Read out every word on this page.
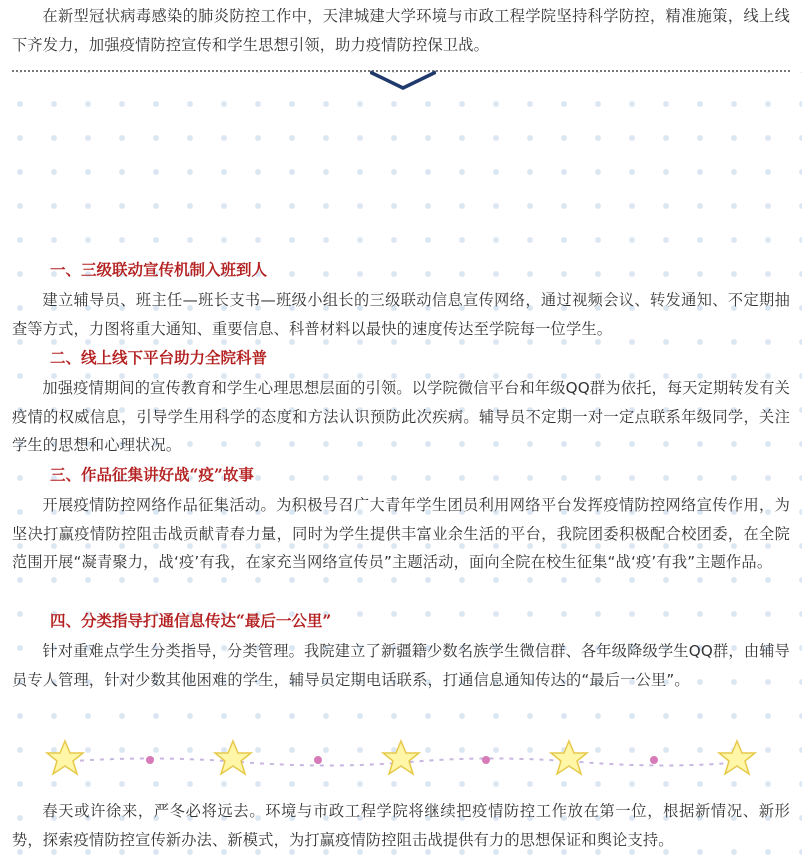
在新型冠状病毒感染的肺炎防控工作中，天津城建大学环境与市政工程学院坚持科学防控，精准施策，线上线下齐发力，加强疫情防控宣传和学生思想引领，助力疫情防控保卫战。

一、三级联动宣传机制入班到人

建立辅导员、班主任—班长支书—班级小组长的三级联动信息宣传网络，通过视频会议、转发通知、不定期抽查等方式，力图将重大通知、重要信息、科普材料以最快的速度传达至学院每一位学生。

二、线上线下平台助力全院科普

加强疫情期间的宣传教育和学生心理思想层面的引领。以学院微信平台和年级QQ群为依托，每天定期转发有关疫情的权威信息，引导学生用科学的态度和方法认识预防此次疾病。辅导员不定期一对一定点联系年级同学，关注学生的思想和心理状况。

三、作品征集讲好战“疫”故事

开展疫情防控网络作品征集活动。为积极号召广大青年学生团员利用网络平台发挥疫情防控网络宣传作用，为坚决打赢疫情防控阻击战贡献青春力量，同时为学生提供丰富业余生活的平台，我院团委积极配合校团委，在全院范围开展“凝青聚力，战‘疫’有我，在家充当网络宣传员”主题活动，面向全院在校生征集“战‘疫’有我”主题作品。

四、分类指导打通信息传达“最后一公里”

针对重难点学生分类指导，分类管理。我院建立了新疆籍少数名族学生微信群、各年级降级学生QQ群，由辅导员专人管理，针对少数其他困难的学生，辅导员定期电话联系，打通信息通知传达的“最后一公里”。

春天或许徐来，严冬必将远去。环境与市政工程学院将继续把疫情防控工作放在第一位，根据新情况、新形势，探索疫情防控宣传新办法、新模式，为打赢疫情防控阻击战提供有力的思想保证和舆论支持。
